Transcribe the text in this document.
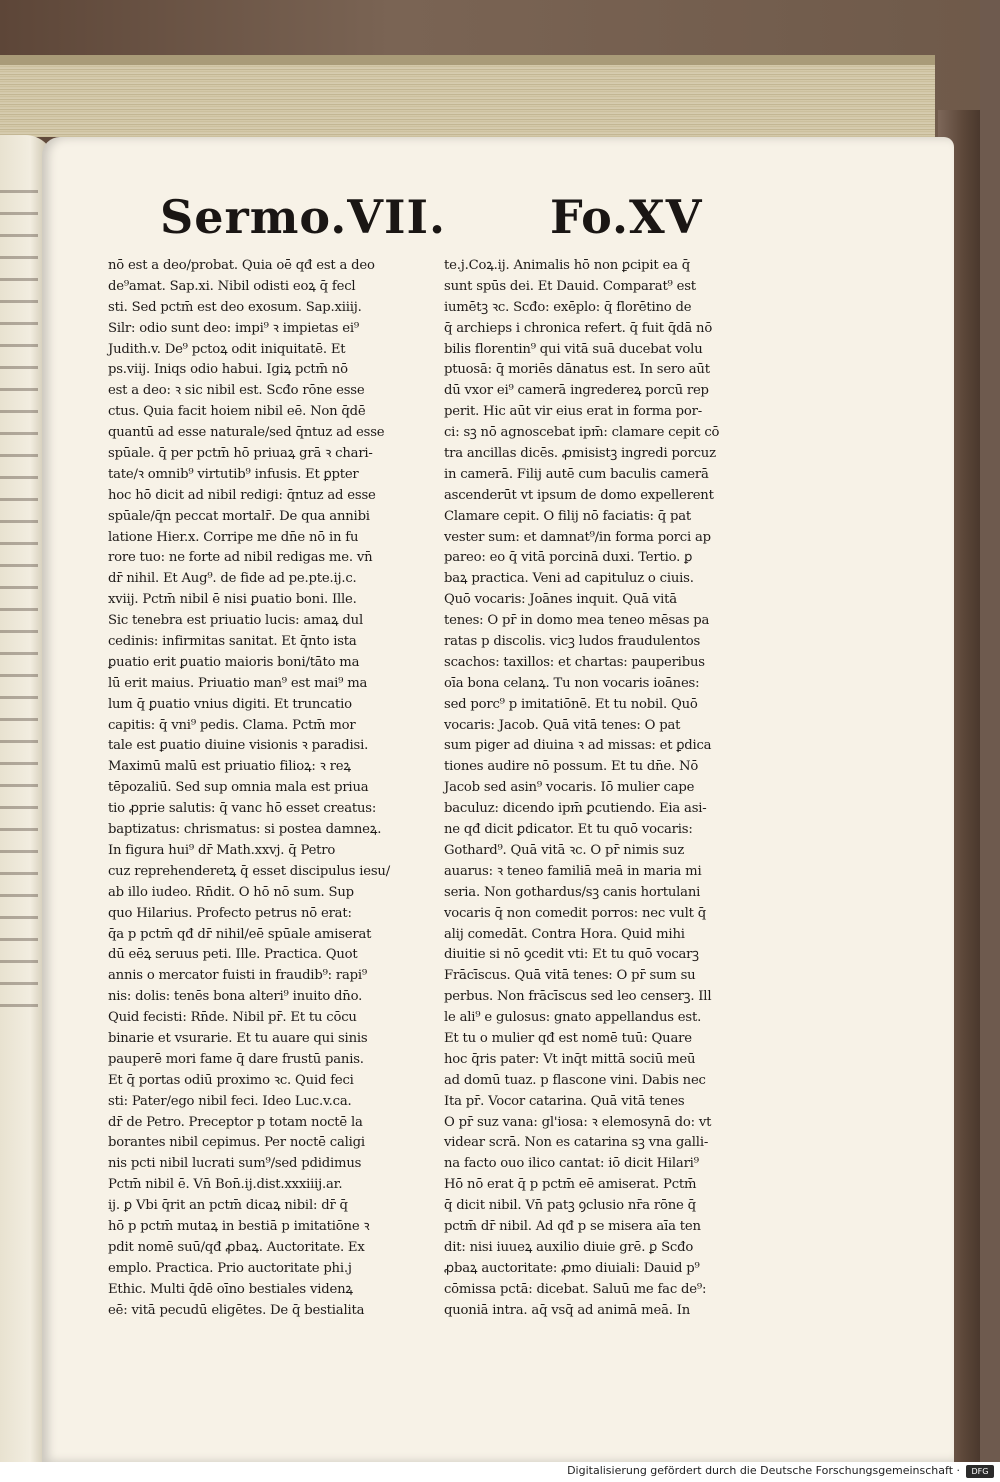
Sermo.VII. Fo.XV
nō est a deo/probat. Quia oē qđ est a deo
de⁹amat. Sap.xi. Nibil odisti eoꝝ q̄ fecl
sti. Sed pctm̄ est deo exosum. Sap.xiiij.
Silr: odio sunt deo: impi⁹ ꝛ impietas ei⁹
Judith.v. De⁹ pctoꝝ odit iniquitatē. Et
ps.viij. Iniqs odio habui. Igiꝝ pctm̄ nō
est a deo: ꝛ sic nibil est. Scđo rōne esse
ctus. Quia facit hoiem nibil eē. Non q̄dē
quantū ad esse naturale/sed q̄ntuz ad esse
spūale. q̄ per pctm̄ hō priuaꝝ grā ꝛ chari-
tate/ꝛ omnib⁹ virtutib⁹ infusis. Et ꝑpter
hoc hō dicit ad nibil redigi: q̄ntuz ad esse
spūale/q̄n peccat mortalr̄. De qua annibi
latione Hier.x. Corripe me dn̄e nō in fu
rore tuo: ne forte ad nibil redigas me. vn̄
dr̄ nihil. Et Aug⁹. de fide ad pe.pte.ij.c.
xviij. Pctm̄ nibil ē nisi ꝑuatio boni. Ille.
Sic tenebra est priuatio lucis: amaꝝ dul
cedinis: infirmitas sanitat. Et q̄nto ista
ꝑuatio erit ꝑuatio maioris boni/tāto ma
lū erit maius. Priuatio man⁹ est mai⁹ ma
lum q̄ ꝑuatio vnius digiti. Et truncatio
capitis: q̄ vni⁹ pedis. Clama. Pctm̄ mor
tale est ꝑuatio diuine visionis ꝛ paradisi.
Maximū malū est priuatio filioꝝ: ꝛ reꝝ
tēpozaliū. Sed sup omnia mala est priua
tio ꝓprie salutis: q̄ vanc hō esset creatus:
baptizatus: chrismatus: si postea damneꝝ.
In figura hui⁹ dr̄ Math.xxvj. q̄ Petro
cuz reprehenderetꝝ q̄ esset discipulus iesu/
ab illo iudeo. Rn̄dit. O hō nō sum. Sup
quo Hilarius. Profecto petrus nō erat:
q̄a p pctm̄ qđ dr̄ nihil/eē spūale amiserat
dū eēꝝ seruus peti. Ille. Practica. Quot
annis o mercator fuisti in fraudib⁹: rapi⁹
nis: dolis: tenēs bona alteri⁹ inuito dn̄o.
Quid fecisti: Rn̄de. Nibil pr̄. Et tu cōcu
binarie et vsurarie. Et tu auare qui sinis
pauperē mori fame q̄ dare frustū panis.
Et q̄ portas odiū proximo ꝛc. Quid feci
sti: Pater/ego nibil feci. Ideo Luc.v.ca.
dr̄ de Petro. Preceptor p totam noctē la
borantes nibil cepimus. Per noctē caligi
nis pcti nibil lucrati sum⁹/sed pdidimus
Pctm̄ nibil ē. Vn̄ Bon̄.ij.dist.xxxiiij.ar.
ij. ꝑ Vbi q̄rit an pctm̄ dicaꝝ nibil: dr̄ q̄
hō p pctm̄ mutaꝝ in bestiā p imitatiōne ꝛ
pdit nomē suū/qđ ꝓbaꝝ. Auctoritate. Ex
emplo. Practica. Prio auctoritate phi.j
Ethic. Multi q̄dē oīno bestiales videnꝝ
eē: vitā pecudū eligētes. De q̄ bestialita
te.j.Coꝝ.ij. Animalis hō non ꝑcipit ea q̄
sunt spūs dei. Et Dauid. Comparat⁹ est
iumētꝫ ꝛc. Scđo: exēplo: q̄ florētino de
q̄ archieps i chronica refert. q̄ fuit q̄dā nō
bilis florentin⁹ qui vitā suā ducebat volu
ptuosā: q̄ moriēs dānatus est. In sero aūt
dū vxor ei⁹ camerā ingredereꝝ porcū rep
perit. Hic aūt vir eius erat in forma por-
ci: sꝫ nō agnoscebat ipm̄: clamare cepit cō
tra ancillas dicēs. ꝓmisistꝫ ingredi porcuz
in camerā. Filij autē cum baculis camerā
ascenderūt vt ipsum de domo expellerent
Clamare cepit. O filij nō faciatis: q̄ pat
vester sum: et damnat⁹/in forma porci ap
pareo: eo q̄ vitā porcinā duxi. Tertio. ꝑ
baꝝ practica. Veni ad capituluz o ciuis.
Quō vocaris: Joānes inquit. Quā vitā
tenes: O pr̄ in domo mea teneo mēsas pa
ratas p discolis. vicꝫ ludos fraudulentos
scachos: taxillos: et chartas: pauperibus
oīa bona celanꝝ. Tu non vocaris ioānes:
sed porc⁹ p imitatiōnē. Et tu nobil. Quō
vocaris: Jacob. Quā vitā tenes: O pat
sum piger ad diuina ꝛ ad missas: et ꝑdica
tiones audire nō possum. Et tu dn̄e. Nō
Jacob sed asin⁹ vocaris. Iō mulier cape
baculuz: dicendo ipm̄ ꝑcutiendo. Eia asi-
ne qđ dicit ꝑdicator. Et tu quō vocaris:
Gothard⁹. Quā vitā ꝛc. O pr̄ nimis suz
auarus: ꝛ teneo familiā meā in maria mi
seria. Non gothardus/sꝫ canis hortulani
vocaris q̄ non comedit porros: nec vult q̄
alij comedāt. Contra Hora. Quid mihi
diuitie si nō ꝯcedit vti: Et tu quō vocarꝫ
Frācīscus. Quā vitā tenes: O pr̄ sum su
perbus. Non frācīscus sed leo censerꝫ. Ill
le ali⁹ e gulosus: gnato appellandus est.
Et tu o mulier qđ est nomē tuū: Quare
hoc q̄ris pater: Vt inq̄t mittā sociū meū
ad domū tuaz. p flascone vini. Dabis nec
Ita pr̄. Vocor catarina. Quā vitā tenes
O pr̄ suz vana: gl'iosa: ꝛ elemosynā do: vt
videar scrā. Non es catarina sꝫ vna galli-
na facto ouo ilico cantat: iō dicit Hilari⁹
Hō nō erat q̄ p pctm̄ eē amiserat. Pctm̄
q̄ dicit nibil. Vn̄ patꝫ ꝯclusio nr̄a rōne q̄
pctm̄ dr̄ nibil. Ad qđ p se misera aīa ten
dit: nisi iuueꝝ auxilio diuie grē. ꝑ Scđo
ꝓbaꝝ auctoritate: ꝓmo diuiali: Dauid p⁹
cōmissa pctā: dicebat. Saluū me fac de⁹:
quoniā intra. aq̄ vsq̄ ad animā meā. In
Digitalisierung gefördert durch die Deutsche Forschungsgemeinschaft ·	DFG
